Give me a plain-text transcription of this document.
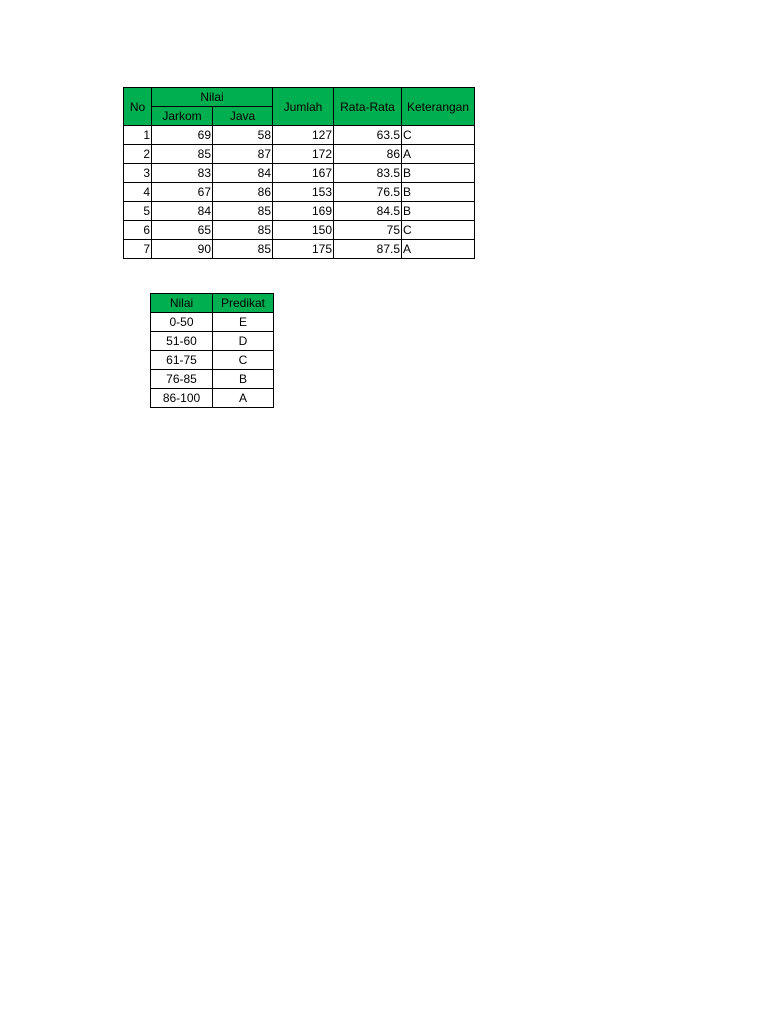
No	Nilai		Jumlah	Rata-Rata	Keterangan
	Jarkom	Java			
1	69	58	127	63.5	C
2	85	87	172	86	A
3	83	84	167	83.5	B
4	67	86	153	76.5	B
5	84	85	169	84.5	B
6	65	85	150	75	C
7	90	85	175	87.5	A
Nilai	Predikat
0-50	E
51-60	D
61-75	C
76-85	B
86-100	A
